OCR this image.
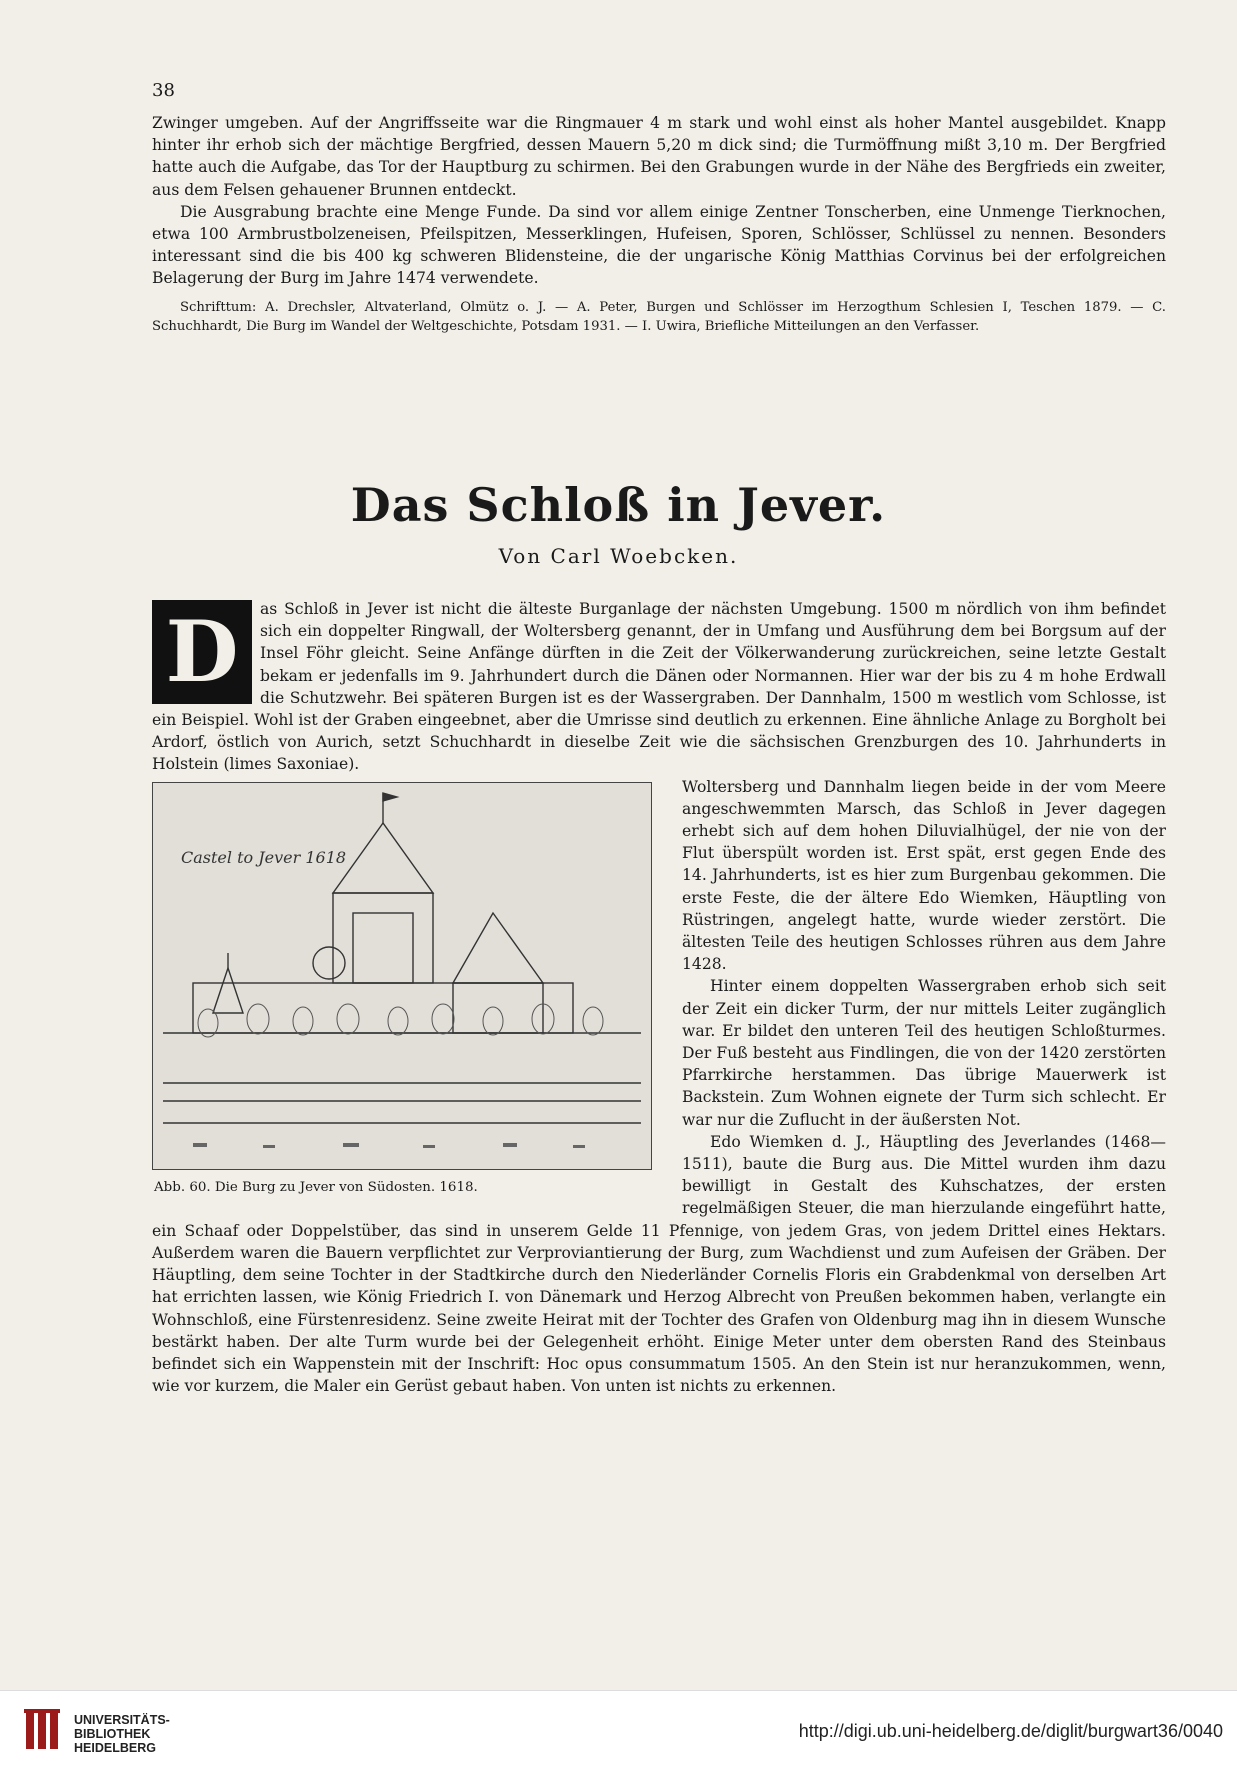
38

Zwinger umgeben. Auf der Angriffsseite war die Ringmauer 4 m stark und wohl einst als hoher Mantel ausgebildet. Knapp hinter ihr erhob sich der mächtige Bergfried, dessen Mauern 5,20 m dick sind; die Turmöffnung mißt 3,10 m. Der Bergfried hatte auch die Aufgabe, das Tor der Hauptburg zu schirmen. Bei den Grabungen wurde in der Nähe des Bergfrieds ein zweiter, aus dem Felsen gehauener Brunnen entdeckt.

Die Ausgrabung brachte eine Menge Funde. Da sind vor allem einige Zentner Tonscherben, eine Unmenge Tierknochen, etwa 100 Armbrustbolzeneisen, Pfeilspitzen, Messerklingen, Hufeisen, Sporen, Schlösser, Schlüssel zu nennen. Besonders interessant sind die bis 400 kg schweren Blidensteine, die der ungarische König Matthias Corvinus bei der erfolgreichen Belagerung der Burg im Jahre 1474 verwendete.

Schrifttum: A. Drechsler, Altvaterland, Olmütz o. J. — A. Peter, Burgen und Schlösser im Herzogthum Schlesien I, Teschen 1879. — C. Schuchhardt, Die Burg im Wandel der Weltgeschichte, Potsdam 1931. — I. Uwira, Briefliche Mitteilungen an den Verfasser.

Das Schloß in Jever.
Von Carl Woebcken.

D	as Schloß in Jever ist nicht die älteste Burganlage der nächsten Umgebung. 1500 m nördlich von ihm befindet sich ein doppelter Ringwall, der Woltersberg genannt, der in Umfang und Ausführung dem bei Borgsum auf der Insel Föhr gleicht. Seine Anfänge dürften in die Zeit der Völkerwanderung zurückreichen, seine letzte Gestalt bekam er jedenfalls im 9. Jahrhundert durch die Dänen oder Normannen. Hier war der bis zu 4 m hohe Erdwall die Schutzwehr. Bei späteren Burgen ist es der Wassergraben. Der Dannhalm, 1500 m westlich vom Schlosse, ist ein Beispiel. Wohl ist der Graben eingeebnet, aber die Umrisse sind deutlich zu erkennen. Eine ähnliche Anlage zu Borgholt bei Ardorf, östlich von Aurich, setzt Schuchhardt in dieselbe Zeit wie die sächsischen Grenzburgen des 10. Jahrhunderts in Holstein (limes Saxoniae).

Castel to Jever 1618
Abb. 60. Die Burg zu Jever von Südosten. 1618.

Woltersberg und Dannhalm liegen beide in der vom Meere angeschwemmten Marsch, das Schloß in Jever dagegen erhebt sich auf dem hohen Diluvialhügel, der nie von der Flut überspült worden ist. Erst spät, erst gegen Ende des 14. Jahrhunderts, ist es hier zum Burgenbau gekommen. Die erste Feste, die der ältere Edo Wiemken, Häuptling von Rüstringen, angelegt hatte, wurde wieder zerstört. Die ältesten Teile des heutigen Schlosses rühren aus dem Jahre 1428.

Hinter einem doppelten Wassergraben erhob sich seit der Zeit ein dicker Turm, der nur mittels Leiter zugänglich war. Er bildet den unteren Teil des heutigen Schloßturmes. Der Fuß besteht aus Findlingen, die von der 1420 zerstörten Pfarrkirche herstammen. Das übrige Mauerwerk ist Backstein. Zum Wohnen eignete der Turm sich schlecht. Er war nur die Zuflucht in der äußersten Not.

Edo Wiemken d. J., Häuptling des Jeverlandes (1468—1511), baute die Burg aus. Die Mittel wurden ihm dazu bewilligt in Gestalt des Kuhschatzes, der ersten regelmäßigen Steuer, die man hierzulande eingeführt hatte, ein Schaaf oder Doppelstüber, das sind in unserem Gelde 11 Pfennige, von jedem Gras, von jedem Drittel eines Hektars. Außerdem waren die Bauern verpflichtet zur Verproviantierung der Burg, zum Wachdienst und zum Aufeisen der Gräben. Der Häuptling, dem seine Tochter in der Stadtkirche durch den Niederländer Cornelis Floris ein Grabdenkmal von derselben Art hat errichten lassen, wie König Friedrich I. von Dänemark und Herzog Albrecht von Preußen bekommen haben, verlangte ein Wohnschloß, eine Fürstenresidenz. Seine zweite Heirat mit der Tochter des Grafen von Oldenburg mag ihn in diesem Wunsche bestärkt haben. Der alte Turm wurde bei der Gelegenheit erhöht. Einige Meter unter dem obersten Rand des Steinbaus befindet sich ein Wappenstein mit der Inschrift: Hoc opus consummatum 1505. An den Stein ist nur heranzukommen, wenn, wie vor kurzem, die Maler ein Gerüst gebaut haben. Von unten ist nichts zu erkennen.

UNIVERSITÄTS-
BIBLIOTHEK
HEIDELBERG
http://digi.ub.uni-heidelberg.de/diglit/burgwart36/0040
